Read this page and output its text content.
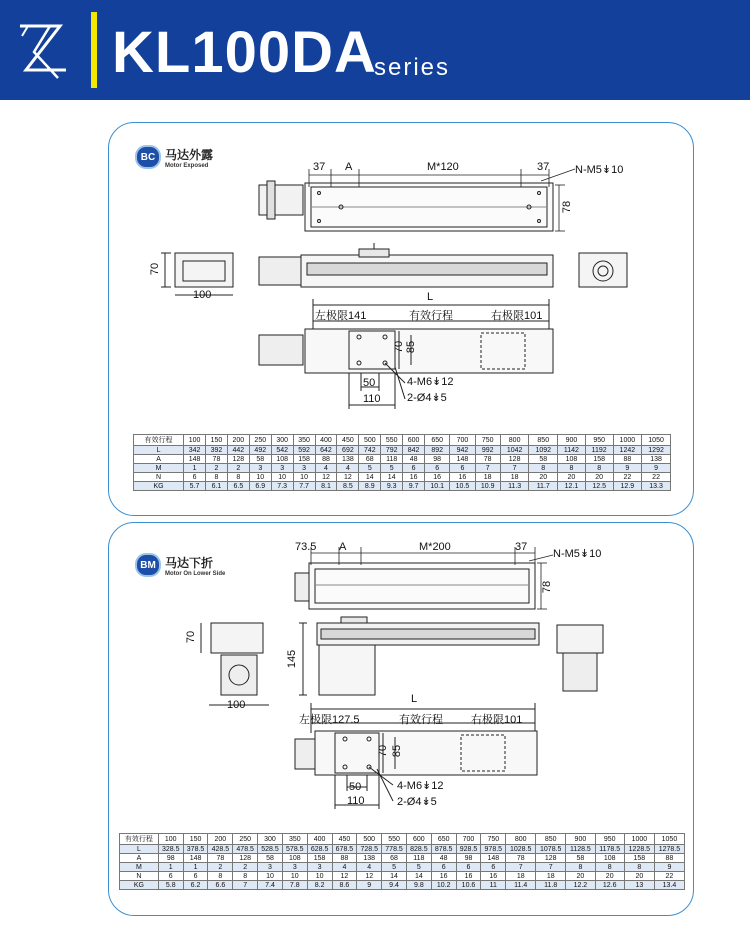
KL100DA
series
BC 马达外露
Motor Exposed	37 A	M*120	37 N-M5↡10
78
70
100	L
左极限141	有效行程	右极限101
70 85
4-M6↡12
50
110 2-Ø4↡5
有效行程	100	150	200	250	300	350	400	450	500	550	600	650	700	750	800	850	900	950	1000	1050
L	342	392	442	492	542	592	642	692	742	792	842	892	942	992	1042	1092	1142	1192	1242	1292
A	148	78	128	58	108	158	88	138	68	118	48	98	148	78	128	58	108	158	88	138
M	1	2	2	3	3	3	4	4	5	5	6	6	6	7	7	8	8	8	9	9
N	6	8	8	10	10	10	12	12	14	14	16	16	16	18	18	20	20	20	22	22
KG	5.7	6.1	6.5	6.9	7.3	7.7	8.1	8.5	8.9	9.3	9.7	10.1	10.5	10.9	11.3	11.7	12.1	12.5	12.9	13.3
BM 马达下折
Motor On Lower Side
73.5 A	M*200	37
N-M5↡10
78
70
145
100	L
左极限127.5	有效行程	右极限101
70 85
4-M6↡12
50
110	2-Ø4↡5
有效行程	100	150	200	250	300	350	400	450	500	550	600	650	700	750	800	850	900	950	1000	1050
L	328.5	378.5	428.5	478.5	528.5	578.5	628.5	678.5	728.5	778.5	828.5	878.5	928.5	978.5	1028.5	1078.5	1128.5	1178.5	1228.5	1278.5
A	98	148	78	128	58	108	158	88	138	68	118	48	98	148	78	128	58	108	158	88
M	1	1	2	2	3	3	3	4	4	5	5	6	6	6	7	7	8	8	8	9
N	6	6	8	8	10	10	10	12	12	14	14	16	16	16	18	18	20	20	20	22
KG	5.8	6.2	6.6	7	7.4	7.8	8.2	8.6	9	9.4	9.8	10.2	10.6	11	11.4	11.8	12.2	12.6	13	13.4
